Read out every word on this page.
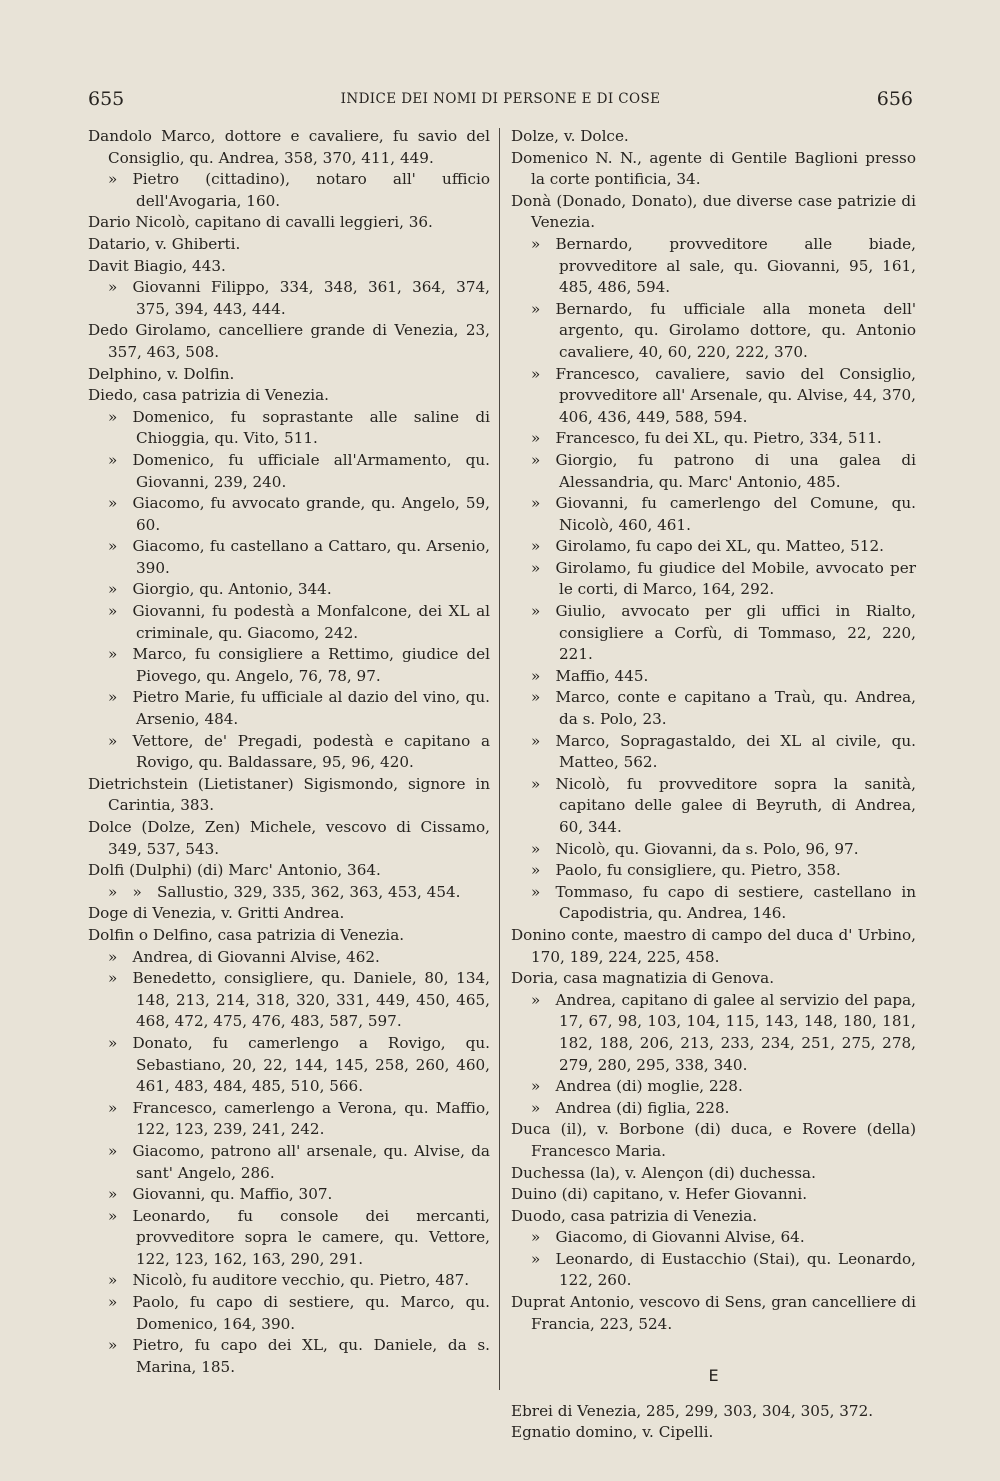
655	INDICE DEI NOMI DI PERSONE E DI COSE	656

Dandolo Marco, dottore e cavaliere, fu savio del Consiglio, qu. Andrea, 358, 370, 411, 449.

» Pietro (cittadino), notaro all' ufficio dell'Avogaria, 160.

Dario Nicolò, capitano di cavalli leggieri, 36.

Datario, v. Ghiberti.

Davit Biagio, 443.

» Giovanni Filippo, 334, 348, 361, 364, 374, 375, 394, 443, 444.

Dedo Girolamo, cancelliere grande di Venezia, 23, 357, 463, 508.

Delphino, v. Dolfin.

Diedo, casa patrizia di Venezia.

» Domenico, fu soprastante alle saline di Chioggia, qu. Vito, 511.

» Domenico, fu ufficiale all'Armamento, qu. Giovanni, 239, 240.

» Giacomo, fu avvocato grande, qu. Angelo, 59, 60.

» Giacomo, fu castellano a Cattaro, qu. Arsenio, 390.

» Giorgio, qu. Antonio, 344.

» Giovanni, fu podestà a Monfalcone, dei XL al criminale, qu. Giacomo, 242.

» Marco, fu consigliere a Rettimo, giudice del Piovego, qu. Angelo, 76, 78, 97.

» Pietro Marie, fu ufficiale al dazio del vino, qu. Arsenio, 484.

» Vettore, de' Pregadi, podestà e capitano a Rovigo, qu. Baldassare, 95, 96, 420.

Dietrichstein (Lietistaner) Sigismondo, signore in Carintia, 383.

Dolce (Dolze, Zen) Michele, vescovo di Cissamo, 349, 537, 543.

Dolfi (Dulphi) (di) Marc' Antonio, 364.

» » Sallustio, 329, 335, 362, 363, 453, 454.

Doge di Venezia, v. Gritti Andrea.

Dolfin o Delfino, casa patrizia di Venezia.

» Andrea, di Giovanni Alvise, 462.

» Benedetto, consigliere, qu. Daniele, 80, 134, 148, 213, 214, 318, 320, 331, 449, 450, 465, 468, 472, 475, 476, 483, 587, 597.

» Donato, fu camerlengo a Rovigo, qu. Sebastiano, 20, 22, 144, 145, 258, 260, 460, 461, 483, 484, 485, 510, 566.

» Francesco, camerlengo a Verona, qu. Maffio, 122, 123, 239, 241, 242.

» Giacomo, patrono all' arsenale, qu. Alvise, da sant' Angelo, 286.

» Giovanni, qu. Maffio, 307.

» Leonardo, fu console dei mercanti, provveditore sopra le camere, qu. Vettore, 122, 123, 162, 163, 290, 291.

» Nicolò, fu auditore vecchio, qu. Pietro, 487.

» Paolo, fu capo di sestiere, qu. Marco, qu. Domenico, 164, 390.

» Pietro, fu capo dei XL, qu. Daniele, da s. Marina, 185.

Dolze, v. Dolce.

Domenico N. N., agente di Gentile Baglioni presso la corte pontificia, 34.

Donà (Donado, Donato), due diverse case patrizie di Venezia.

» Bernardo, provveditore alle biade, provveditore al sale, qu. Giovanni, 95, 161, 485, 486, 594.

» Bernardo, fu ufficiale alla moneta dell' argento, qu. Girolamo dottore, qu. Antonio cavaliere, 40, 60, 220, 222, 370.

» Francesco, cavaliere, savio del Consiglio, provveditore all' Arsenale, qu. Alvise, 44, 370, 406, 436, 449, 588, 594.

» Francesco, fu dei XL, qu. Pietro, 334, 511.

» Giorgio, fu patrono di una galea di Alessandria, qu. Marc' Antonio, 485.

» Giovanni, fu camerlengo del Comune, qu. Nicolò, 460, 461.

» Girolamo, fu capo dei XL, qu. Matteo, 512.

» Girolamo, fu giudice del Mobile, avvocato per le corti, di Marco, 164, 292.

» Giulio, avvocato per gli uffici in Rialto, consigliere a Corfù, di Tommaso, 22, 220, 221.

» Maffio, 445.

» Marco, conte e capitano a Traù, qu. Andrea, da s. Polo, 23.

» Marco, Sopragastaldo, dei XL al civile, qu. Matteo, 562.

» Nicolò, fu provveditore sopra la sanità, capitano delle galee di Beyruth, di Andrea, 60, 344.

» Nicolò, qu. Giovanni, da s. Polo, 96, 97.

» Paolo, fu consigliere, qu. Pietro, 358.

» Tommaso, fu capo di sestiere, castellano in Capodistria, qu. Andrea, 146.

Donino conte, maestro di campo del duca d' Urbino, 170, 189, 224, 225, 458.

Doria, casa magnatizia di Genova.

» Andrea, capitano di galee al servizio del papa, 17, 67, 98, 103, 104, 115, 143, 148, 180, 181, 182, 188, 206, 213, 233, 234, 251, 275, 278, 279, 280, 295, 338, 340.

» Andrea (di) moglie, 228.

» Andrea (di) figlia, 228.

Duca (il), v. Borbone (di) duca, e Rovere (della) Francesco Maria.

Duchessa (la), v. Alençon (di) duchessa.

Duino (di) capitano, v. Hefer Giovanni.

Duodo, casa patrizia di Venezia.

» Giacomo, di Giovanni Alvise, 64.

» Leonardo, di Eustacchio (Stai), qu. Leonardo, 122, 260.

Duprat Antonio, vescovo di Sens, gran cancelliere di Francia, 223, 524.

E

Ebrei di Venezia, 285, 299, 303, 304, 305, 372.

Egnatio domino, v. Cipelli.
